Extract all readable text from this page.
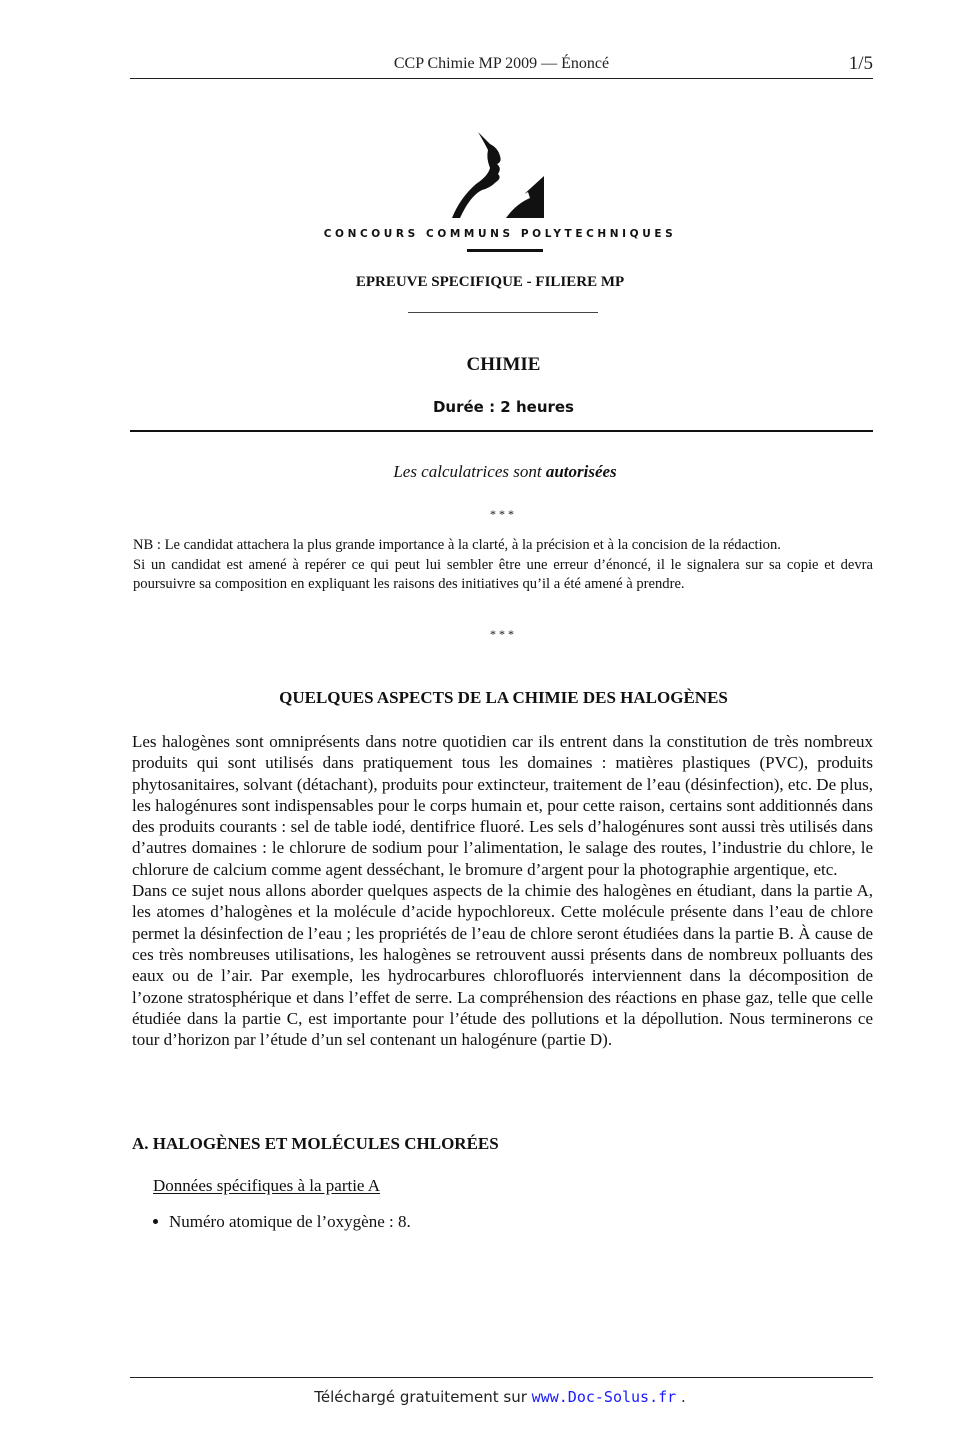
CCP Chimie MP 2009 — Énoncé	1/5
CONCOURS COMMUNS POLYTECHNIQUES
EPREUVE SPECIFIQUE - FILIERE MP
CHIMIE
Durée : 2 heures
Les calculatrices sont autorisées
***

NB : Le candidat attachera la plus grande importance à la clarté, à la précision et à la concision de la rédaction.

Si un candidat est amené à repérer ce qui peut lui sembler être une erreur d’énoncé, il le signalera sur sa copie et devra poursuivre sa composition en expliquant les raisons des initiatives qu’il a été amené à prendre.

***
QUELQUES ASPECTS DE LA CHIMIE DES HALOGÈNES

Les halogènes sont omniprésents dans notre quotidien car ils entrent dans la constitution de très nombreux produits qui sont utilisés dans pratiquement tous les domaines : matières plastiques (PVC), produits phytosanitaires, solvant (détachant), produits pour extincteur, traitement de l’eau (désinfection), etc. De plus, les halogénures sont indispensables pour le corps humain et, pour cette raison, certains sont additionnés dans des produits courants : sel de table iodé, dentifrice fluoré. Les sels d’halogénures sont aussi très utilisés dans d’autres domaines : le chlorure de sodium pour l’alimentation, le salage des routes, l’industrie du chlore, le chlorure de calcium comme agent desséchant, le bromure d’argent pour la photographie argentique, etc.

Dans ce sujet nous allons aborder quelques aspects de la chimie des halogènes en étudiant, dans la partie A, les atomes d’halogènes et la molécule d’acide hypochloreux. Cette molécule présente dans l’eau de chlore permet la désinfection de l’eau ; les propriétés de l’eau de chlore seront étudiées dans la partie B. À cause de ces très nombreuses utilisations, les halogènes se retrouvent aussi présents dans de nombreux polluants des eaux ou de l’air. Par exemple, les hydrocarbures chlorofluorés interviennent dans la décomposition de l’ozone stratosphérique et dans l’effet de serre. La compréhension des réactions en phase gaz, telle que celle étudiée dans la partie C, est importante pour l’étude des pollutions et la dépollution. Nous terminerons ce tour d’horizon par l’étude d’un sel contenant un halogénure (partie D).

A. HALOGÈNES ET MOLÉCULES CHLORÉES
Données spécifiques à la partie A
Numéro atomique de l’oxygène : 8.
Téléchargé gratuitement sur www.Doc-Solus.fr .
